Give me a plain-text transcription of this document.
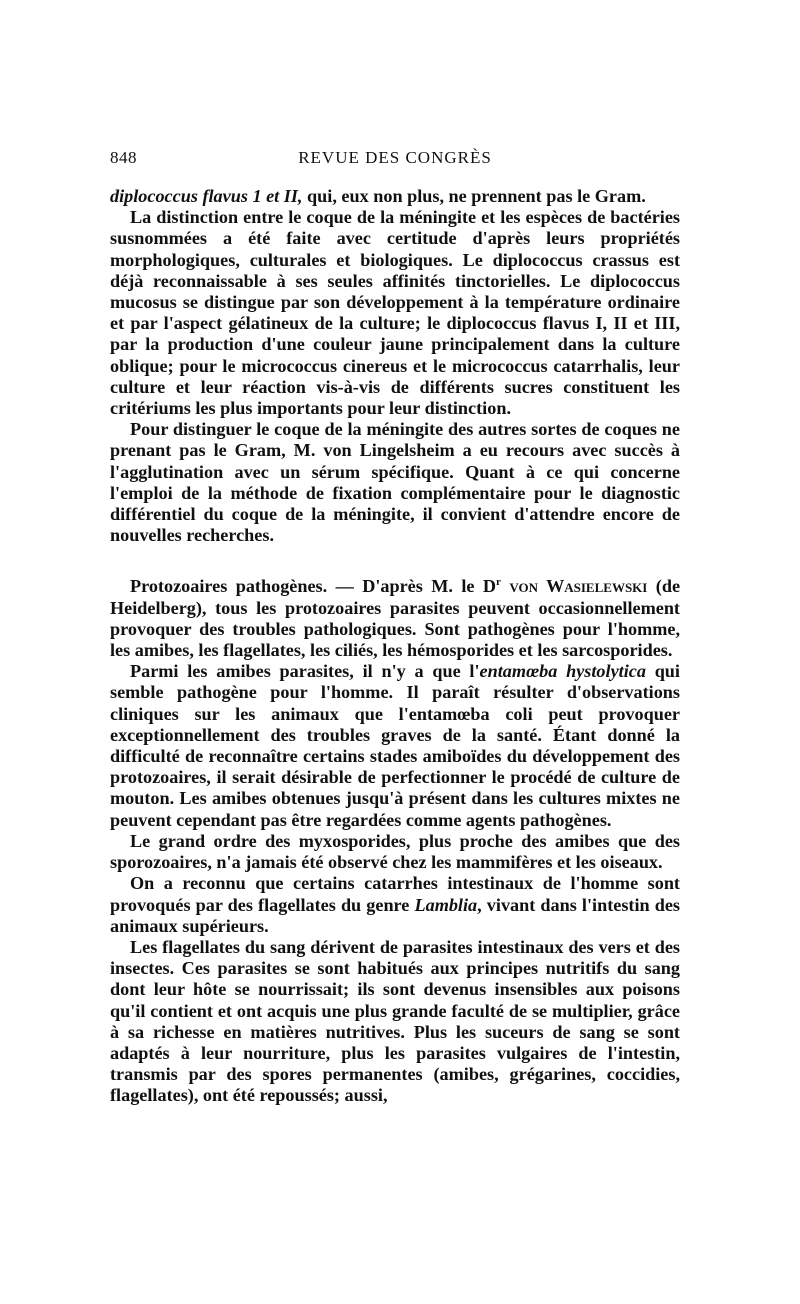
848	REVUE DES CONGRÈS

diplococcus flavus 1 et II, qui, eux non plus, ne prennent pas le Gram.

La distinction entre le coque de la méningite et les espèces de bactéries susnommées a été faite avec certitude d'après leurs propriétés morphologiques, culturales et biologiques. Le diplococcus crassus est déjà reconnaissable à ses seules affinités tinctorielles. Le diplococcus mucosus se distingue par son développement à la température ordinaire et par l'aspect gélatineux de la culture; le diplococcus flavus I, II et III, par la production d'une couleur jaune principalement dans la culture oblique; pour le micrococcus cinereus et le micrococcus catarrhalis, leur culture et leur réaction vis-à-vis de différents sucres constituent les critériums les plus importants pour leur distinction.

Pour distinguer le coque de la méningite des autres sortes de coques ne prenant pas le Gram, M. von Lingelsheim a eu recours avec succès à l'agglutination avec un sérum spécifique. Quant à ce qui concerne l'emploi de la méthode de fixation complémentaire pour le diagnostic différentiel du coque de la méningite, il convient d'attendre encore de nouvelles recherches.

Protozoaires pathogènes. — D'après M. le $D^r$ von Wasielewski (de Heidelberg), tous les protozoaires parasites peuvent occasionnellement provoquer des troubles pathologiques. Sont pathogènes pour l'homme, les amibes, les flagellates, les ciliés, les hémosporides et les sarcosporides.

Parmi les amibes parasites, il n'y a que l'entamœba hystolytica qui semble pathogène pour l'homme. Il paraît résulter d'observations cliniques sur les animaux que l'entamœba coli peut provoquer exceptionnellement des troubles graves de la santé. Étant donné la difficulté de reconnaître certains stades amiboïdes du développement des protozoaires, il serait désirable de perfectionner le procédé de culture de mouton. Les amibes obtenues jusqu'à présent dans les cultures mixtes ne peuvent cependant pas être regardées comme agents pathogènes.

Le grand ordre des myxosporides, plus proche des amibes que des sporozoaires, n'a jamais été observé chez les mammifères et les oiseaux.

On a reconnu que certains catarrhes intestinaux de l'homme sont provoqués par des flagellates du genre Lamblia, vivant dans l'intestin des animaux supérieurs.

Les flagellates du sang dérivent de parasites intestinaux des vers et des insectes. Ces parasites se sont habitués aux principes nutritifs du sang dont leur hôte se nourrissait; ils sont devenus insensibles aux poisons qu'il contient et ont acquis une plus grande faculté de se multiplier, grâce à sa richesse en matières nutritives. Plus les suceurs de sang se sont adaptés à leur nourriture, plus les parasites vulgaires de l'intestin, transmis par des spores permanentes (amibes, grégarines, coccidies, flagellates), ont été repoussés; aussi,
